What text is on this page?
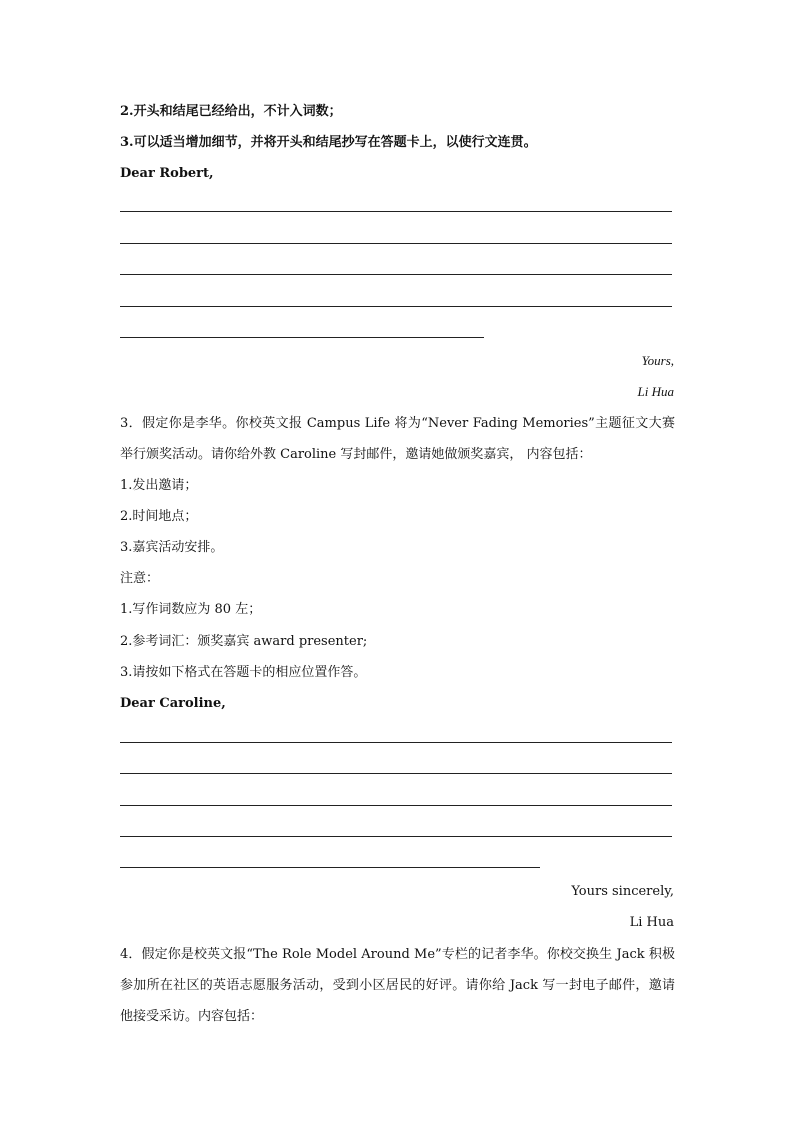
2.开头和结尾已经给出，不计入词数；
3.可以适当增加细节，并将开头和结尾抄写在答题卡上，以使行文连贯。
Dear Robert,
Yours,
Li Hua
3．假定你是李华。你校英文报 Campus Life 将为“Never Fading Memories”主题征文大赛举行颁奖活动。请你给外教 Caroline 写封邮件，邀请她做颁奖嘉宾， 内容包括：
1.发出邀请；
2.时间地点；
3.嘉宾活动安排。
注意：
1.写作词数应为 80 左；
2.参考词汇：颁奖嘉宾 award presenter;
3.请按如下格式在答题卡的相应位置作答。
Dear Caroline,
Yours sincerely,
Li Hua
4．假定你是校英文报“The Role Model Around Me”专栏的记者李华。你校交换生 Jack 积极参加所在社区的英语志愿服务活动，受到小区居民的好评。请你给 Jack 写一封电子邮件，邀请他接受采访。内容包括：
